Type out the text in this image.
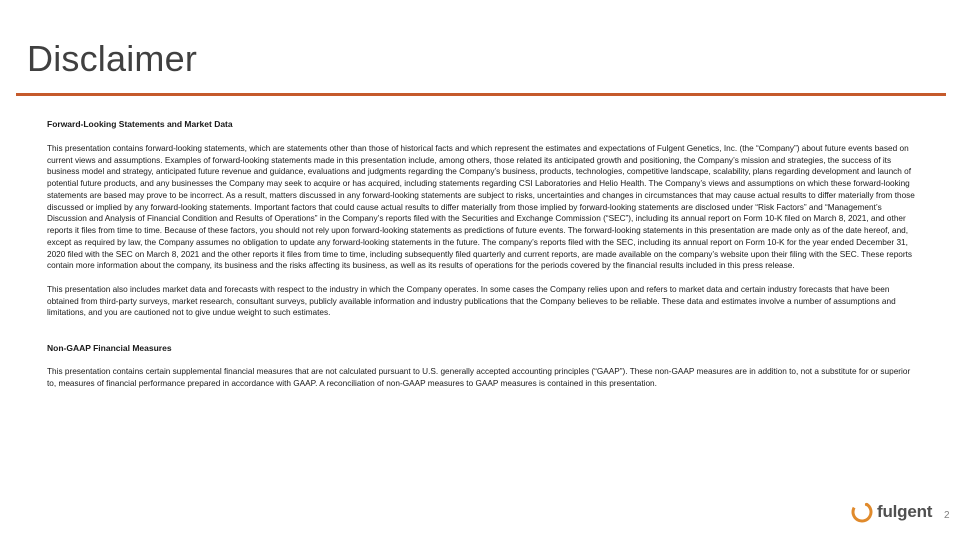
Disclaimer
Forward-Looking Statements and Market Data

This presentation contains forward-looking statements, which are statements other than those of historical facts and which represent the estimates and expectations of Fulgent Genetics, Inc. (the “Company”) about future events based on current views and assumptions. Examples of forward-looking statements made in this presentation include, among others, those related its anticipated growth and positioning, the Company’s mission and strategies, the success of its business model and strategy, anticipated future revenue and guidance, evaluations and judgments regarding the Company’s business, products, technologies, competitive landscape, scalability, plans regarding development and launch of potential future products, and any businesses the Company may seek to acquire or has acquired, including statements regarding CSI Laboratories and Helio Health. The Company’s views and assumptions on which these forward-looking statements are based may prove to be incorrect. As a result, matters discussed in any forward-looking statements are subject to risks, uncertainties and changes in circumstances that may cause actual results to differ materially from those discussed or implied by any forward-looking statements. Important factors that could cause actual results to differ materially from those implied by forward-looking statements are disclosed under “Risk Factors” and “Management’s Discussion and Analysis of Financial Condition and Results of Operations” in the Company’s reports filed with the Securities and Exchange Commission (“SEC”), including its annual report on Form 10-K filed on March 8, 2021, and other reports it files from time to time. Because of these factors, you should not rely upon forward-looking statements as predictions of future events. The forward-looking statements in this presentation are made only as of the date hereof, and, except as required by law, the Company assumes no obligation to update any forward-looking statements in the future. The company’s reports filed with the SEC, including its annual report on Form 10-K for the year ended December 31, 2020 filed with the SEC on March 8, 2021 and the other reports it files from time to time, including subsequently filed quarterly and current reports, are made available on the company’s website upon their filing with the SEC. These reports contain more information about the company, its business and the risks affecting its business, as well as its results of operations for the periods covered by the financial results included in this press release.

This presentation also includes market data and forecasts with respect to the industry in which the Company operates. In some cases the Company relies upon and refers to market data and certain industry forecasts that have been obtained from third-party surveys, market research, consultant surveys, publicly available information and industry publications that the Company believes to be reliable. These data and estimates involve a number of assumptions and limitations, and you are cautioned not to give undue weight to such estimates.

Non-GAAP Financial Measures

This presentation contains certain supplemental financial measures that are not calculated pursuant to U.S. generally accepted accounting principles (“GAAP”). These non-GAAP measures are in addition to, not a substitute for or superior to, measures of financial performance prepared in accordance with GAAP. A reconciliation of non-GAAP measures to GAAP measures is contained in this presentation.

fulgent 2
